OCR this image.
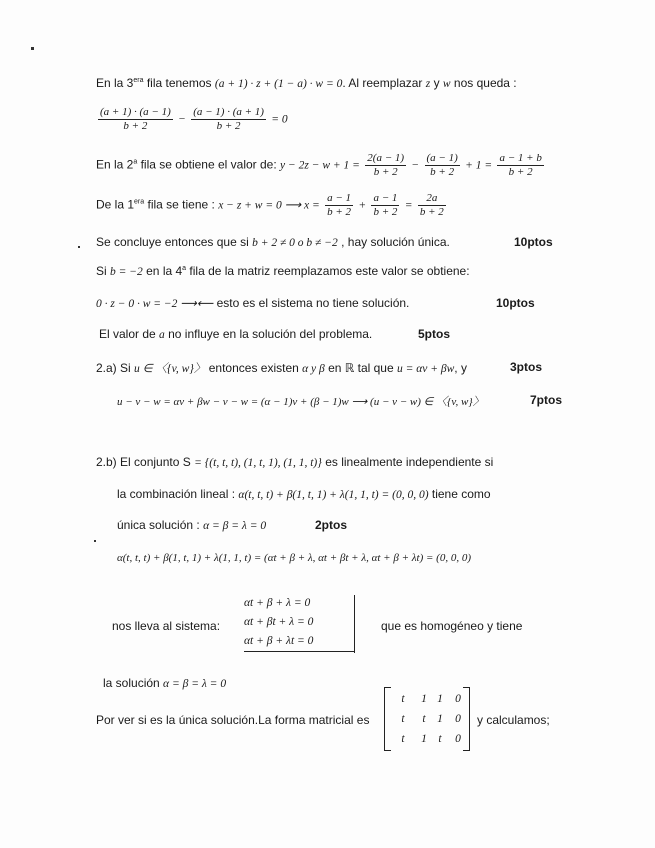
En la $3^{era}$ fila tenemos (a + 1) · z + (1 − a) · w = 0. Al reemplazar z y w nos queda :
$\frac{(a + 1) \cdot (a - 1)}{b + 2} - \frac{(a - 1) \cdot (a + 1)}{b + 2} = 0$
En la 2$^a$ fila se obtiene el valor de: $y - 2z - w + 1 = \frac{2(a - 1)}{b + 2} - \frac{(a - 1)}{b + 2} + 1 = \frac{a - 1 + b}{b + 2}$
De la $1^{era}$ fila se tiene : x − z + w = 0 ⟶ $x = \frac{a - 1}{b + 2} + \frac{a - 1}{b + 2} = \frac{2a}{b + 2}$
Se concluye entonces que si b + 2 ≠ 0 o b ≠ −2 , hay solución única.	10ptos
Si b = −2 en la 4$^a$ fila de la matriz reemplazamos este valor se obtiene:
0 · z − 0 · w = −2 ⟶⟵ esto es el sistema no tiene solución.	10ptos
El valor de a no influye en la solución del problema.	5ptos
2.a) Si u ∈ 〈{v, w}〉 entonces existen α y β en ℝ tal que u = αv + βw, y	3ptos
u − v − w = αv + βw − v − w = (α − 1)v + (β − 1)w ⟶ (u − v − w) ∈ 〈{v, w}〉	7ptos
2.b) El conjunto S = {(t, t, t), (1, t, 1), (1, 1, t)} es linealmente independiente si
la combinación lineal : α(t, t, t) + β(1, t, 1) + λ(1, 1, t) = (0, 0, 0) tiene como
única solución : α = β = λ = 0	2ptos
α(t, t, t) + β(1, t, 1) + λ(1, 1, t) = (αt + β + λ, αt + βt + λ, αt + β + λt) = (0, 0, 0)
nos lleva al sistema:
αt + β + λ = 0
αt + βt + λ = 0
αt + β + λt = 0
que es homogéneo y tiene
la solución α = β = λ = 0
Por ver si es la única solución.La forma matricial es
t 1 1 0
t t 1 0
t 1 t 0
y calculamos;
